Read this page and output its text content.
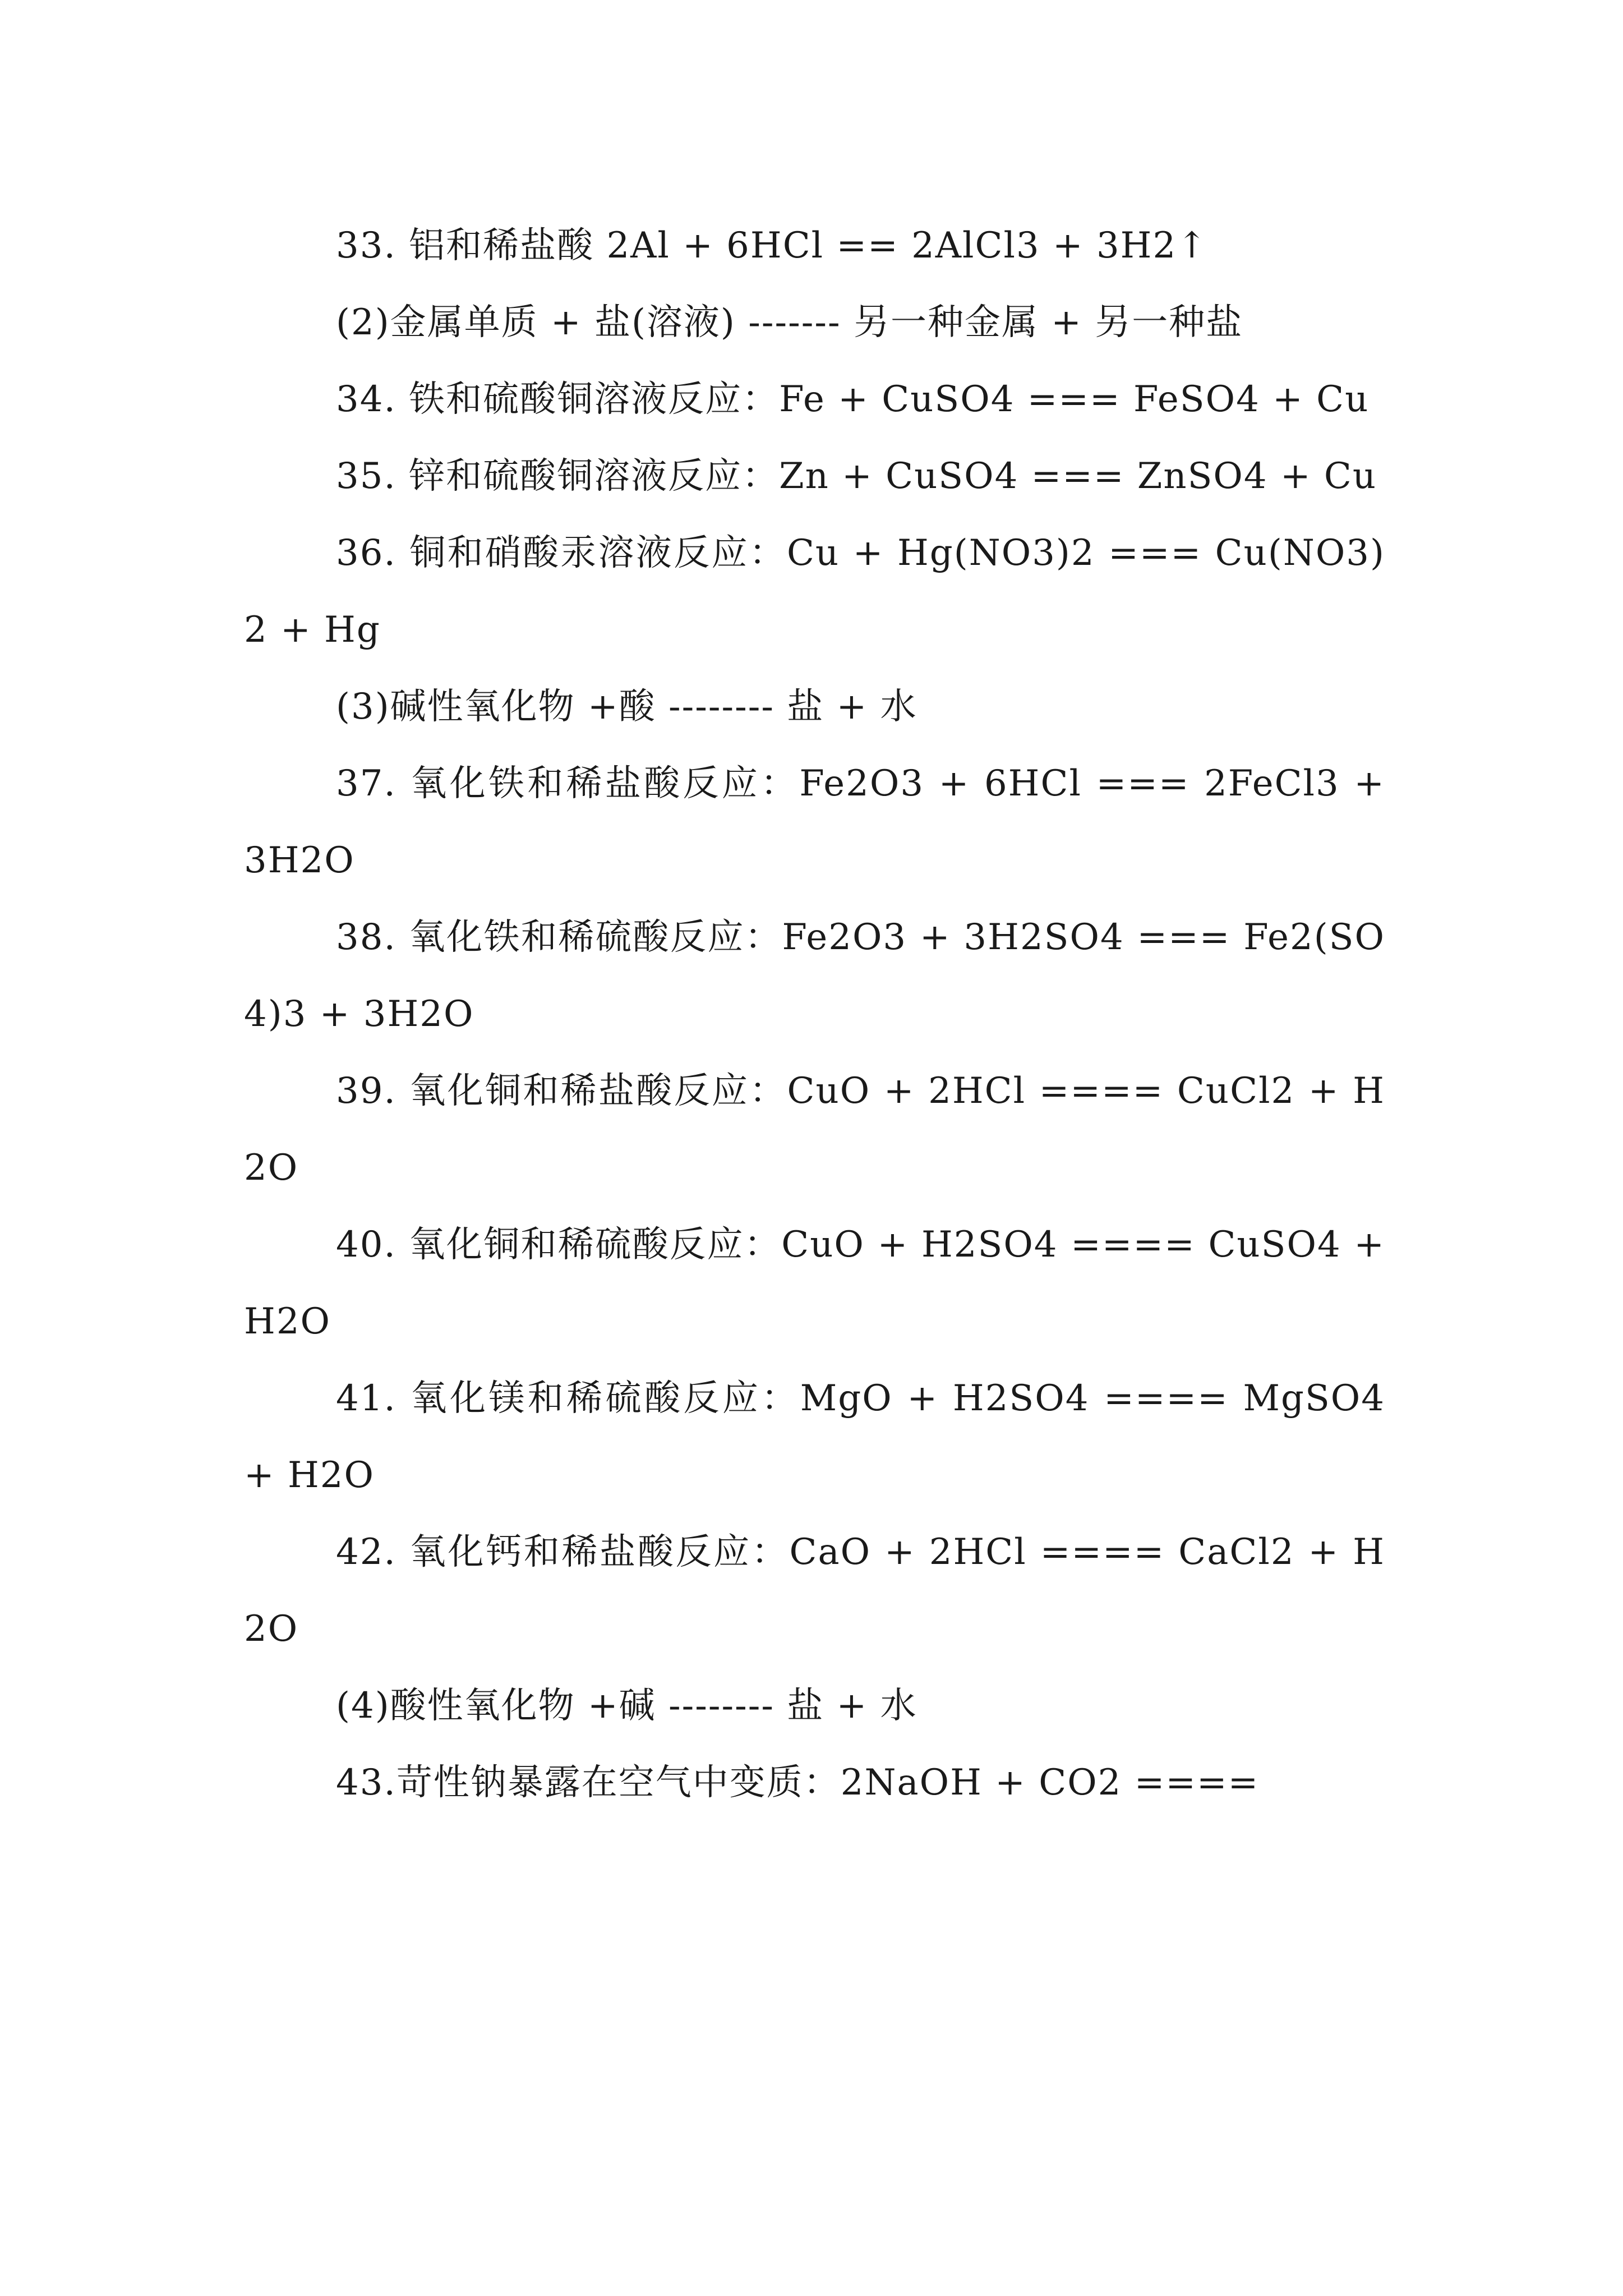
33. 铝和稀盐酸 2Al + 6HCl == 2AlCl3 + 3H2↑

(2)金属单质 + 盐(溶液) ------- 另一种金属 + 另一种盐

34. 铁和硫酸铜溶液反应：Fe + CuSO4 === FeSO4 + Cu

35. 锌和硫酸铜溶液反应：Zn + CuSO4 === ZnSO4 + Cu

36. 铜和硝酸汞溶液反应：Cu + Hg(NO3)2 === Cu(NO3)2 + Hg

(3)碱性氧化物 +酸 -------- 盐 + 水

37. 氧化铁和稀盐酸反应：Fe2O3 + 6HCl === 2FeCl3 + 3H2O

38. 氧化铁和稀硫酸反应：Fe2O3 + 3H2SO4 === Fe2(SO4)3 + 3H2O

39. 氧化铜和稀盐酸反应：CuO + 2HCl ==== CuCl2 + H2O

40. 氧化铜和稀硫酸反应：CuO + H2SO4 ==== CuSO4 + H2O

41. 氧化镁和稀硫酸反应：MgO + H2SO4 ==== MgSO4 + H2O

42. 氧化钙和稀盐酸反应：CaO + 2HCl ==== CaCl2 + H2O

(4)酸性氧化物 +碱 -------- 盐 + 水

43.苛性钠暴露在空气中变质：2NaOH + CO2 ====
